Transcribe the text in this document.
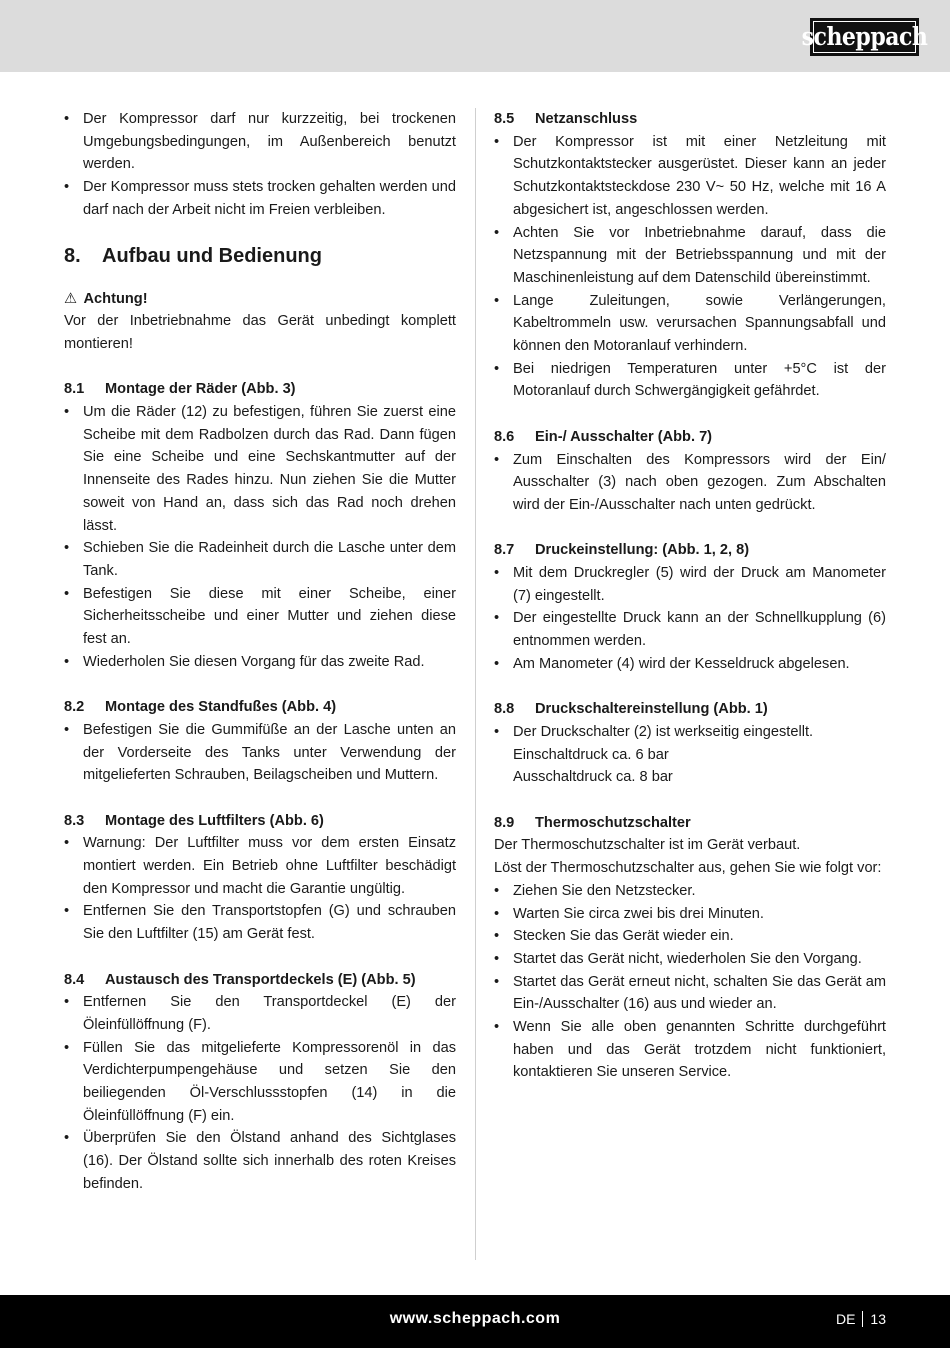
scheppach
• Der Kompressor darf nur kurzzeitig, bei trockenen Umgebungsbedingungen, im Außenbereich benutzt werden.
• Der Kompressor muss stets trocken gehalten werden und darf nach der Arbeit nicht im Freien verbleiben.
8. Aufbau und Bedienung
⚠ Achtung!
Vor der Inbetriebnahme das Gerät unbedingt komplett montieren!
8.1 Montage der Räder (Abb. 3)
• Um die Räder (12) zu befestigen, führen Sie zuerst eine Scheibe mit dem Radbolzen durch das Rad. Dann fügen Sie eine Scheibe und eine Sechskantmutter auf der Innenseite des Rades hinzu. Nun ziehen Sie die Mutter soweit von Hand an, dass sich das Rad noch drehen lässt.
• Schieben Sie die Radeinheit durch die Lasche unter dem Tank.
• Befestigen Sie diese mit einer Scheibe, einer Sicherheitsscheibe und einer Mutter und ziehen diese fest an.
• Wiederholen Sie diesen Vorgang für das zweite Rad.
8.2 Montage des Standfußes (Abb. 4)
• Befestigen Sie die Gummifüße an der Lasche unten an der Vorderseite des Tanks unter Verwendung der mitgelieferten Schrauben, Beilagscheiben und Muttern.
8.3 Montage des Luftfilters (Abb. 6)
• Warnung: Der Luftfilter muss vor dem ersten Einsatz montiert werden. Ein Betrieb ohne Luftfilter beschädigt den Kompressor und macht die Garantie ungültig.
• Entfernen Sie den Transportstopfen (G) und schrauben Sie den Luftfilter (15) am Gerät fest.
8.4 Austausch des Transportdeckels (E) (Abb. 5)
• Entfernen Sie den Transportdeckel (E) der Öleinfüllöffnung (F).
• Füllen Sie das mitgelieferte Kompressorenöl in das Verdichterpumpengehäuse und setzen Sie den beiliegenden Öl-Verschlussstopfen (14) in die Öleinfüllöffnung (F) ein.
• Überprüfen Sie den Ölstand anhand des Sichtglases (16). Der Ölstand sollte sich innerhalb des roten Kreises befinden.
8.5 Netzanschluss
• Der Kompressor ist mit einer Netzleitung mit Schutzkontaktstecker ausgerüstet. Dieser kann an jeder Schutzkontaktsteckdose 230 V~ 50 Hz, welche mit 16 A abgesichert ist, angeschlossen werden.
• Achten Sie vor Inbetriebnahme darauf, dass die Netzspannung mit der Betriebsspannung und mit der Maschinenleistung auf dem Datenschild übereinstimmt.
• Lange Zuleitungen, sowie Verlängerungen, Kabeltrommeln usw. verursachen Spannungsabfall und können den Motoranlauf verhindern.
• Bei niedrigen Temperaturen unter +5°C ist der Motoranlauf durch Schwergängigkeit gefährdet.
8.6 Ein-/ Ausschalter (Abb. 7)
• Zum Einschalten des Kompressors wird der Ein/ Ausschalter (3) nach oben gezogen. Zum Abschalten wird der Ein-/Ausschalter nach unten gedrückt.
8.7 Druckeinstellung: (Abb. 1, 2, 8)
• Mit dem Druckregler (5) wird der Druck am Manometer (7) eingestellt.
• Der eingestellte Druck kann an der Schnellkupplung (6) entnommen werden.
• Am Manometer (4) wird der Kesseldruck abgelesen.
8.8 Druckschaltereinstellung (Abb. 1)
• Der Druckschalter (2) ist werkseitig eingestellt.
Einschaltdruck ca. 6 bar
Ausschaltdruck ca. 8 bar
8.9 Thermoschutzschalter
Der Thermoschutzschalter ist im Gerät verbaut.
Löst der Thermoschutzschalter aus, gehen Sie wie folgt vor:
• Ziehen Sie den Netzstecker.
• Warten Sie circa zwei bis drei Minuten.
• Stecken Sie das Gerät wieder ein.
• Startet das Gerät nicht, wiederholen Sie den Vorgang.
• Startet das Gerät erneut nicht, schalten Sie das Gerät am Ein-/Ausschalter (16) aus und wieder an.
• Wenn Sie alle oben genannten Schritte durchgeführt haben und das Gerät trotzdem nicht funktioniert, kontaktieren Sie unseren Service.
www.scheppach.com	DE 13
